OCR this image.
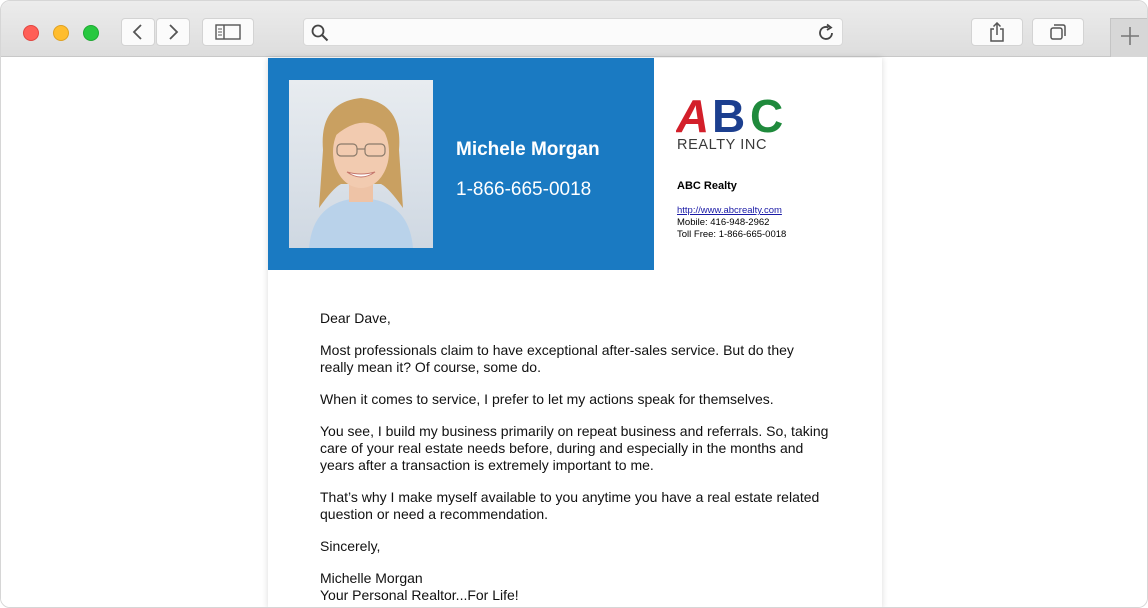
Michele Morgan
1-866-665-0018
A B C
REALTY INC
ABC Realty
http://www.abcrealty.com
Mobile: 416-948-2962
Toll Free: 1-866-665-0018

Dear Dave,

Most professionals claim to have exceptional after-sales service. But do they really mean it? Of course, some do.

When it comes to service, I prefer to let my actions speak for themselves.

You see, I build my business primarily on repeat business and referrals. So, taking care of your real estate needs before, during and especially in the months and years after a transaction is extremely important to me.

That’s why I make myself available to you anytime you have a real estate related question or need a recommendation.

Sincerely,

Michelle Morgan

Your Personal Realtor...For Life!
